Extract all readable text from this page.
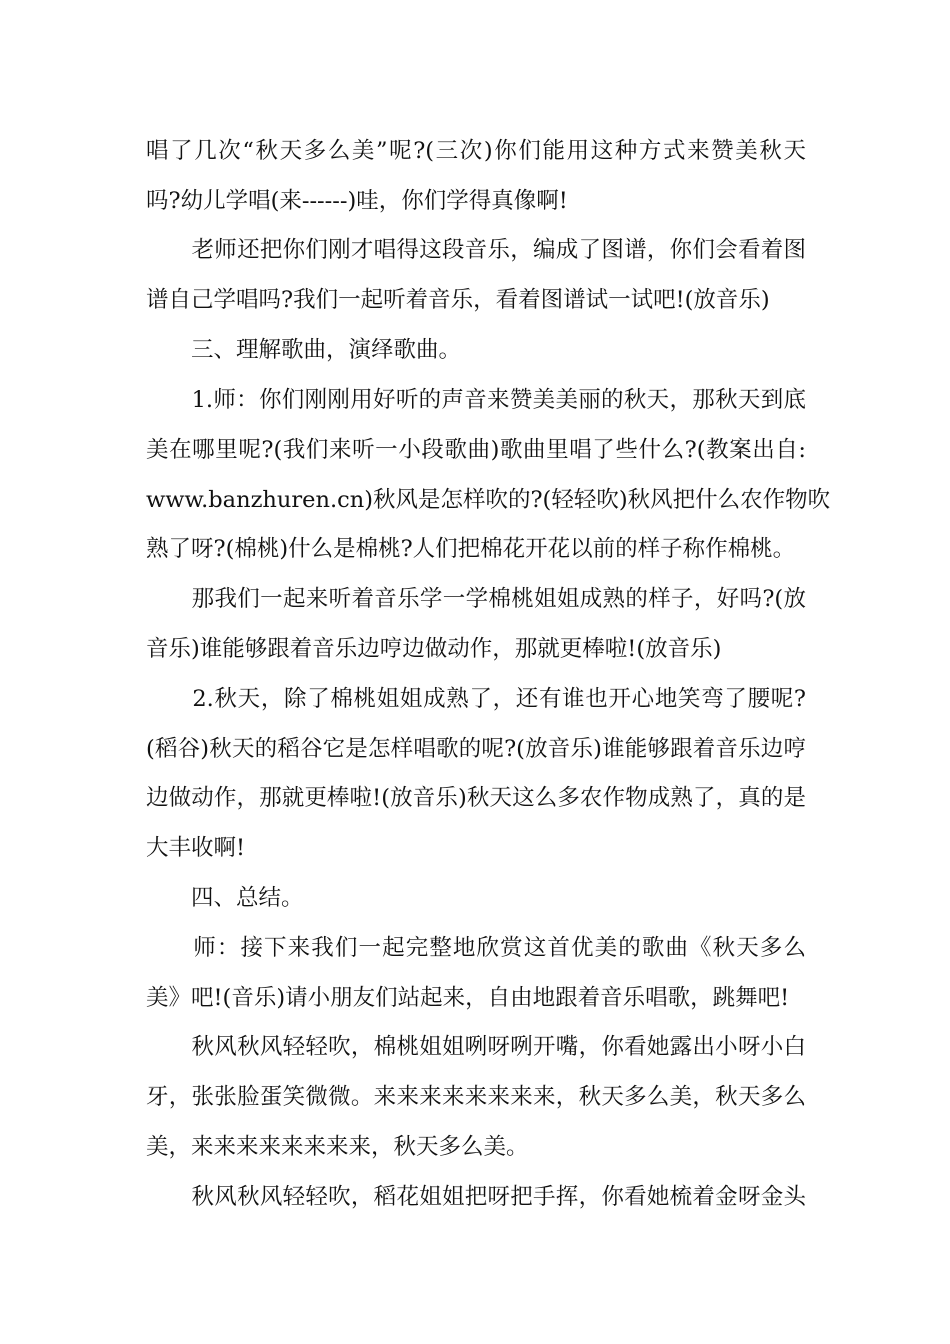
唱了几次“秋天多么美”呢?(三次)你们能用这种方式来赞美秋天
吗?幼儿学唱(来------)哇，你们学得真像啊!
　　老师还把你们刚才唱得这段音乐，编成了图谱，你们会看着图
谱自己学唱吗?我们一起听着音乐，看着图谱试一试吧!(放音乐)
　　三、理解歌曲，演绎歌曲。
　　1.师：你们刚刚用好听的声音来赞美美丽的秋天，那秋天到底
美在哪里呢?(我们来听一小段歌曲)歌曲里唱了些什么?(教案出自:
www.banzhuren.cn)秋风是怎样吹的?(轻轻吹)秋风把什么农作物吹
熟了呀?(棉桃)什么是棉桃?人们把棉花开花以前的样子称作棉桃。
　　那我们一起来听着音乐学一学棉桃姐姐成熟的样子，好吗?(放
音乐)谁能够跟着音乐边哼边做动作，那就更棒啦!(放音乐)
　　2.秋天，除了棉桃姐姐成熟了，还有谁也开心地笑弯了腰呢?
(稻谷)秋天的稻谷它是怎样唱歌的呢?(放音乐)谁能够跟着音乐边哼
边做动作，那就更棒啦!(放音乐)秋天这么多农作物成熟了，真的是
大丰收啊!
　　四、总结。
　　师：接下来我们一起完整地欣赏这首优美的歌曲《秋天多么
美》吧!(音乐)请小朋友们站起来，自由地跟着音乐唱歌，跳舞吧!
　　秋风秋风轻轻吹，棉桃姐姐咧呀咧开嘴，你看她露出小呀小白
牙，张张脸蛋笑微微。来来来来来来来来，秋天多么美，秋天多么
美，来来来来来来来来，秋天多么美。
　　秋风秋风轻轻吹，稻花姐姐把呀把手挥，你看她梳着金呀金头
